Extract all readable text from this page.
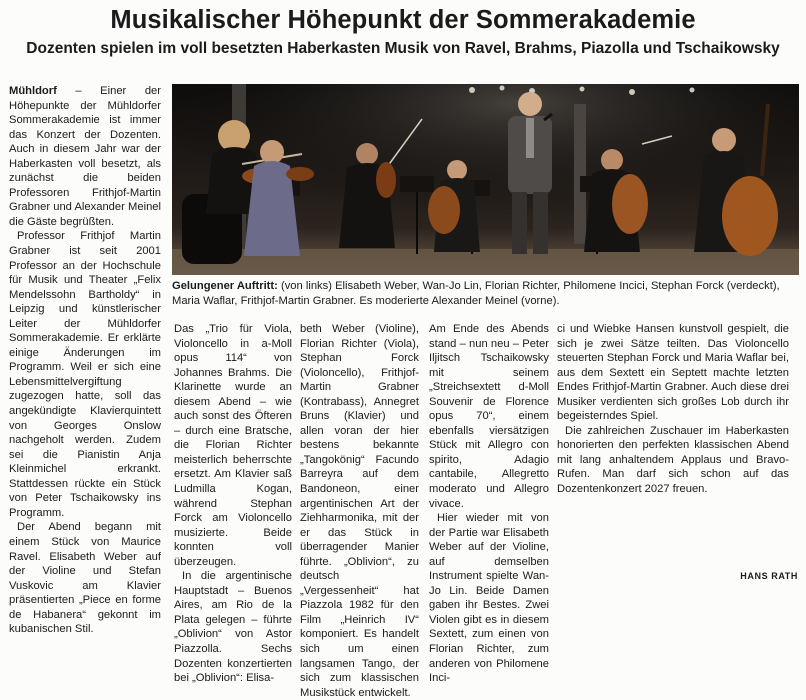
Musikalischer Höhepunkt der Sommerakademie
Dozenten spielen im voll besetzten Haberkasten Musik von Ravel, Brahms, Piazolla und Tschaikowsky

Mühldorf – Einer der Höhepunkte der Mühldorfer Sommerakademie ist immer das Konzert der Dozenten. Auch in diesem Jahr war der Haberkasten voll besetzt, als zunächst die beiden Professoren Frithjof-Martin Grabner und Alexander Meinel die Gäste begrüßten.

Professor Frithjof Martin Grabner ist seit 2001 Professor an der Hochschule für Musik und Theater „Felix Mendelssohn Bartholdy“ in Leipzig und künstlerischer Leiter der Mühldorfer Sommerakademie. Er erklärte einige Änderungen im Programm. Weil er sich eine Lebensmittelvergiftung zugezogen hatte, soll das angekündigte Klavierquintett von Georges Onslow nachgeholt werden. Zudem sei die Pianistin Anja Kleinmichel erkrankt. Stattdessen rückte ein Stück von Peter Tschaikowsky ins Programm.

Der Abend begann mit einem Stück von Maurice Ravel. Elisabeth Weber auf der Violine und Stefan Vuskovic am Klavier präsentierten „Piece en forme de Habanera“ gekonnt im kubanischen Stil.

Gelungener Auftritt: (von links) Elisabeth Weber, Wan-Jo Lin, Florian Richter, Philomene Incici, Stephan Forck (verdeckt), Maria Waflar, Frithjof-Martin Grabner. Es moderierte Alexander Meinel (vorne).

Das „Trio für Viola, Violoncello in a-Moll opus 114“ von Johannes Brahms. Die Klarinette wurde an diesem Abend – wie auch sonst des Öfteren – durch eine Bratsche, die Florian Richter meisterlich beherrschte ersetzt. Am Klavier saß Ludmilla Kogan, während Stephan Forck am Violoncello musizierte. Beide konnten voll überzeugen.

In die argentinische Hauptstadt – Buenos Aires, am Rio de la Plata gelegen – führte „Oblivion“ von Astor Piazzolla. Sechs Dozenten konzertierten bei „Oblivion“: Elisa-

beth Weber (Violine), Florian Richter (Viola), Stephan Forck (Violoncello), Frithjof-Martin Grabner (Kontrabass), Annegret Bruns (Klavier) und allen voran der hier bestens bekannte „Tangokönig“ Facundo Barreyra auf dem Bandoneon, einer argentinischen Art der Ziehharmonika, mit der er das Stück in überragender Manier führte. „Oblivion“, zu deutsch „Vergessenheit“ hat Piazzola 1982 für den Film „Heinrich IV“ komponiert. Es handelt sich um einen langsamen Tango, der sich zum klassischen Musikstück entwickelt.

Am Ende des Abends stand – nun neu – Peter Iljitsch Tschaikowsky mit seinem „Streichsextett d-Moll Souvenir de Florence opus 70“, einem ebenfalls viersätzigen Stück mit Allegro con spirito, Adagio cantabile, Allegretto moderato und Allegro vivace.

Hier wieder mit von der Partie war Elisabeth Weber auf der Violine, auf demselben Instrument spielte Wan-Jo Lin. Beide Damen gaben ihr Bestes. Zwei Violen gibt es in diesem Sextett, zum einen von Florian Richter, zum anderen von Philomene Inci-

ci und Wiebke Hansen kunstvoll gespielt, die sich je zwei Sätze teilten. Das Violoncello steuerten Stephan Forck und Maria Waflar bei, aus dem Sextett ein Septett machte letzten Endes Frithjof-Martin Grabner. Auch diese drei Musiker verdienten sich großes Lob durch ihr begeisterndes Spiel.

Die zahlreichen Zuschauer im Haberkasten honorierten den perfekten klassischen Abend mit lang anhaltendem Applaus und Bravo-Rufen. Man darf sich schon auf das Dozentenkonzert 2027 freuen.

HANS RATH
